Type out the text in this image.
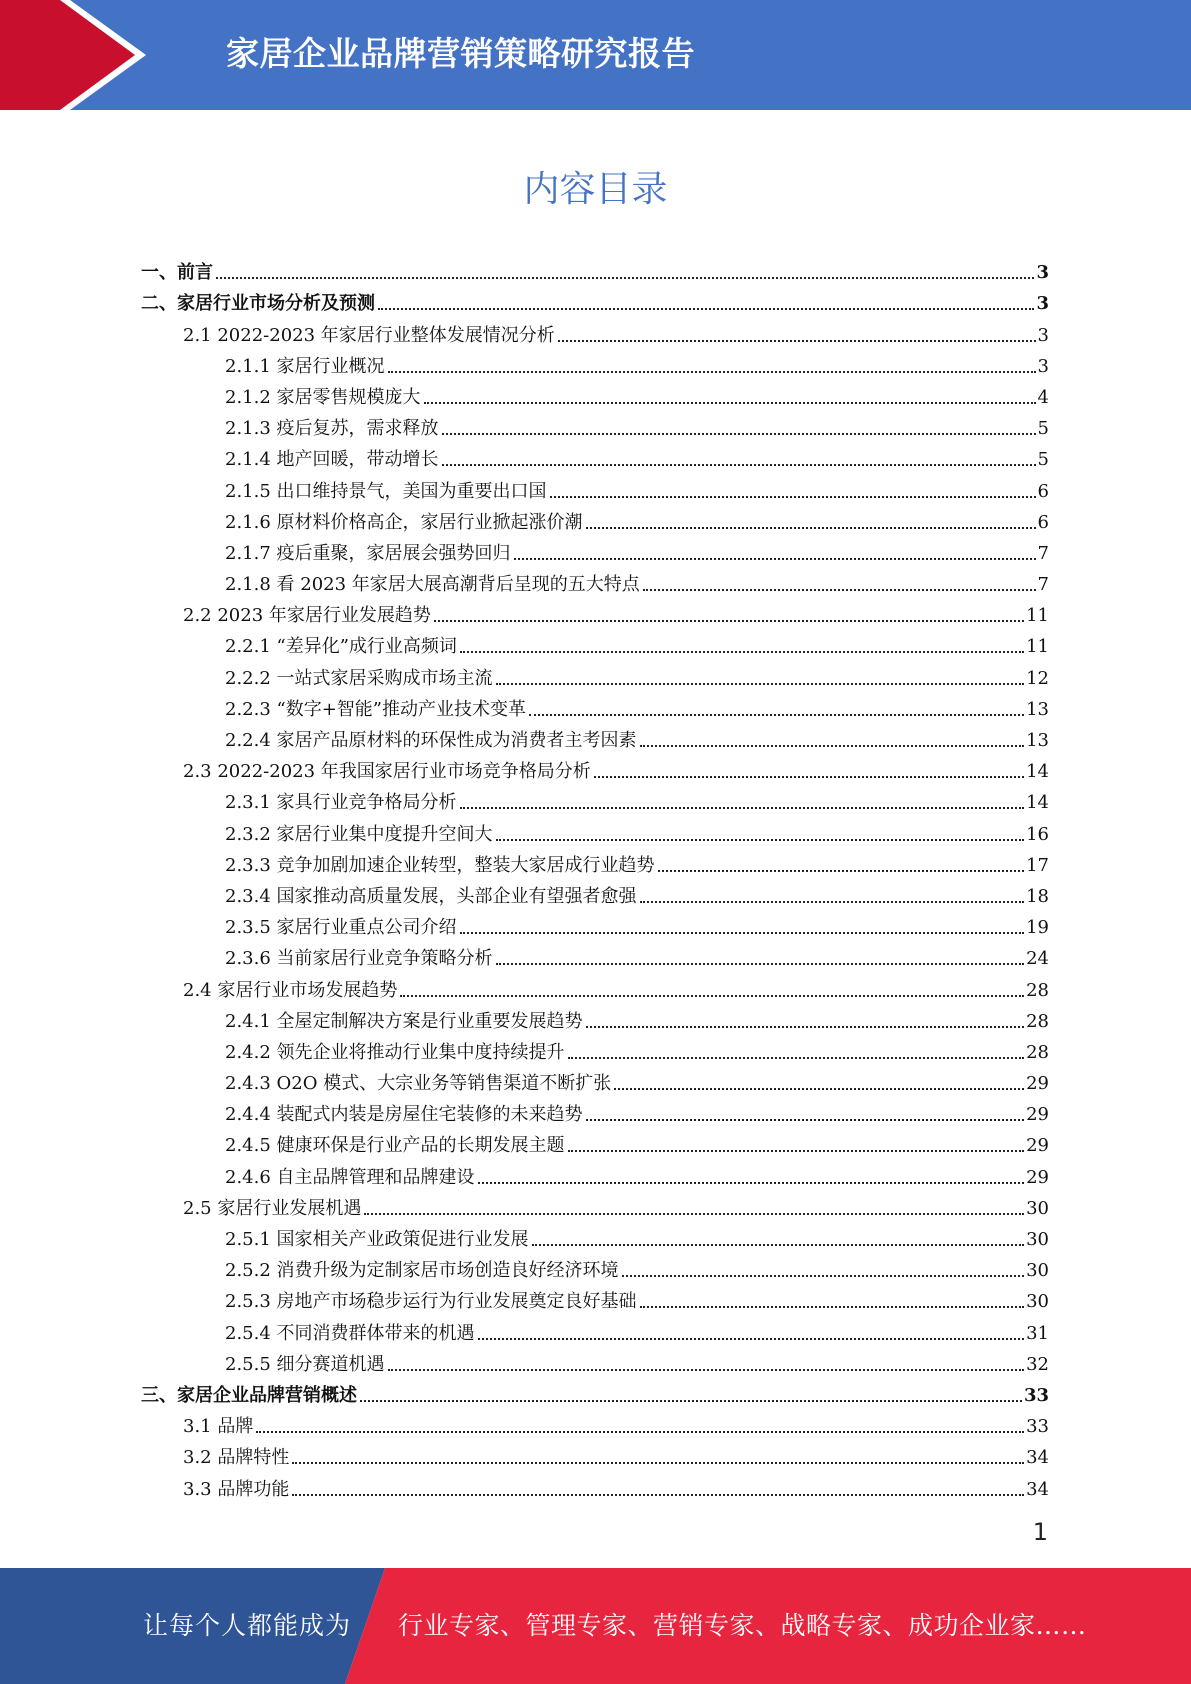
家居企业品牌营销策略研究报告
内容目录
一、前言	3
二、家居行业市场分析及预测	3
2.1 2022-2023 年家居行业整体发展情况分析	3
2.1.1 家居行业概况	3
2.1.2 家居零售规模庞大	4
2.1.3 疫后复苏，需求释放	5
2.1.4 地产回暖，带动增长	5
2.1.5 出口维持景气，美国为重要出口国	6
2.1.6 原材料价格高企，家居行业掀起涨价潮	6
2.1.7 疫后重聚，家居展会强势回归	7
2.1.8 看 2023 年家居大展高潮背后呈现的五大特点	7
2.2 2023 年家居行业发展趋势	11
2.2.1 “差异化”成行业高频词	11
2.2.2 一站式家居采购成市场主流	12
2.2.3 “数字+智能”推动产业技术变革	13
2.2.4 家居产品原材料的环保性成为消费者主考因素	13
2.3 2022-2023 年我国家居行业市场竞争格局分析	14
2.3.1 家具行业竞争格局分析	14
2.3.2 家居行业集中度提升空间大	16
2.3.3 竞争加剧加速企业转型，整装大家居成行业趋势	17
2.3.4 国家推动高质量发展，头部企业有望强者愈强	18
2.3.5 家居行业重点公司介绍	19
2.3.6 当前家居行业竞争策略分析	24
2.4 家居行业市场发展趋势	28
2.4.1 全屋定制解决方案是行业重要发展趋势	28
2.4.2 领先企业将推动行业集中度持续提升	28
2.4.3 O2O 模式、大宗业务等销售渠道不断扩张	29
2.4.4 装配式内装是房屋住宅装修的未来趋势	29
2.4.5 健康环保是行业产品的长期发展主题	29
2.4.6 自主品牌管理和品牌建设	29
2.5 家居行业发展机遇	30
2.5.1 国家相关产业政策促进行业发展	30
2.5.2 消费升级为定制家居市场创造良好经济环境	30
2.5.3 房地产市场稳步运行为行业发展奠定良好基础	30
2.5.4 不同消费群体带来的机遇	31
2.5.5 细分赛道机遇	32
三、家居企业品牌营销概述	33
3.1 品牌	33
3.2 品牌特性	34
3.3 品牌功能	34
1
让每个人都能成为 行业专家、管理专家、营销专家、战略专家、成功企业家……
